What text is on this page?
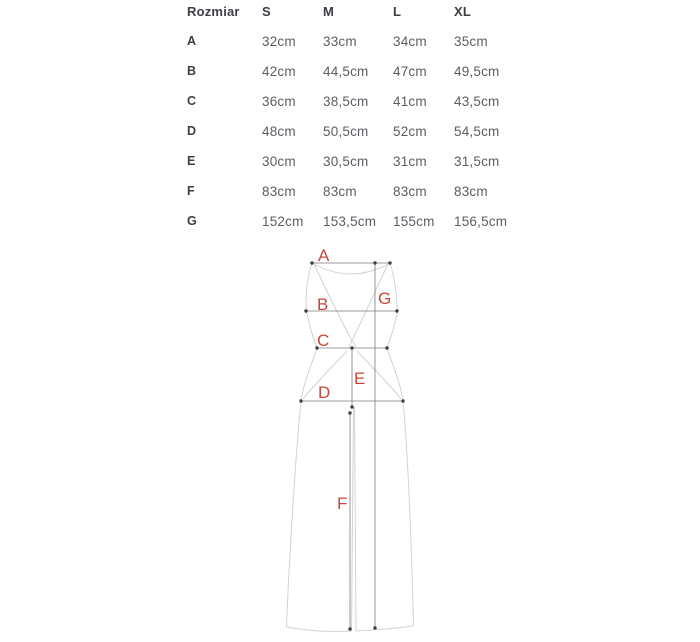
Rozmiar	S	M	L	XL
A	32cm	33cm	34cm	35cm
B	42cm	44,5cm	47cm	49,5cm
C	36cm	38,5cm	41cm	43,5cm
D	48cm	50,5cm	52cm	54,5cm
E	30cm	30,5cm	31cm	31,5cm
F	83cm	83cm	83cm	83cm
G	152cm	153,5cm	155cm	156,5cm
A
B
C
D
E
F
G
